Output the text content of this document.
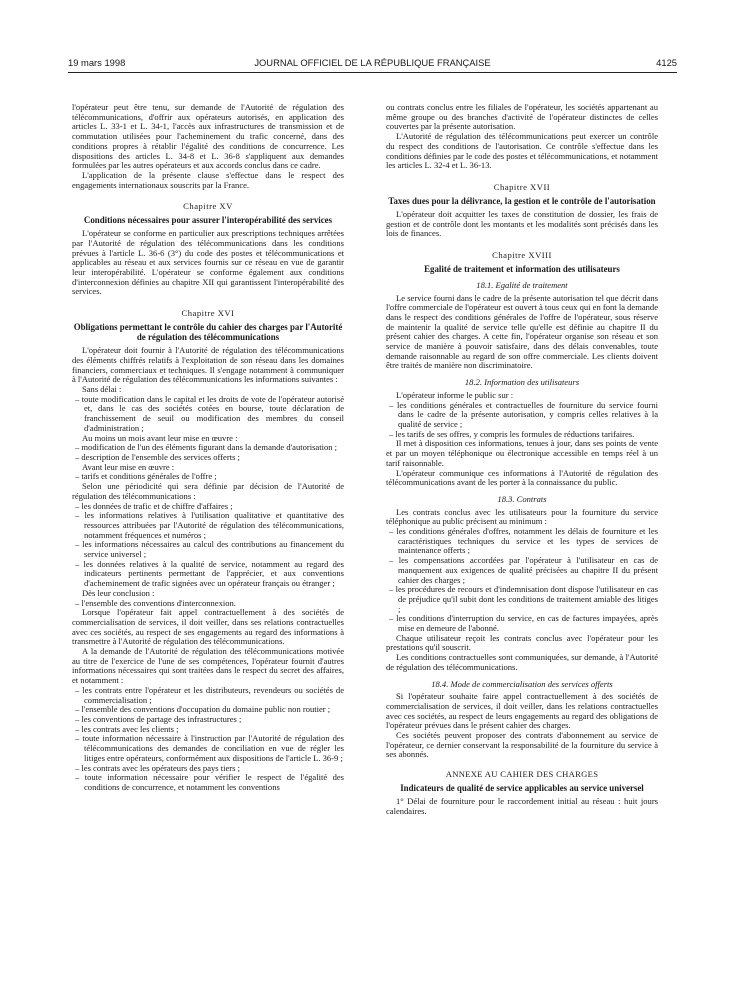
19 mars 1998	JOURNAL OFFICIEL DE LA RÉPUBLIQUE FRANÇAISE	4125

l'opérateur peut être tenu, sur demande de l'Autorité de régulation des télécommunications, d'offrir aux opérateurs autorisés, en application des articles L. 33-1 et L. 34-1, l'accès aux infrastructures de transmission et de commutation utilisées pour l'acheminement du trafic concerné, dans des conditions propres à rétablir l'égalité des conditions de concurrence. Les dispositions des articles L. 34-8 et L. 36-8 s'appliquent aux demandes formulées par les autres opérateurs et aux accords conclus dans ce cadre.

L'application de la présente clause s'effectue dans le respect des engagements internationaux souscrits par la France.

Chapitre XV
Conditions nécessaires pour assurer l'interopérabilité des services

L'opérateur se conforme en particulier aux prescriptions techniques arrêtées par l'Autorité de régulation des télécommunications dans les conditions prévues à l'article L. 36-6 (3°) du code des postes et télécommunications et applicables au réseau et aux services fournis sur ce réseau en vue de garantir leur interopérabilité. L'opérateur se conforme également aux conditions d'interconnexion définies au chapitre XII qui garantissent l'interopérabilité des services.

Chapitre XVI
Obligations permettant le contrôle du cahier des charges par l'Autorité de régulation des télécommunications

L'opérateur doit fournir à l'Autorité de régulation des télécommunications des éléments chiffrés relatifs à l'exploitation de son réseau dans les domaines financiers, commerciaux et techniques. Il s'engage notamment à communiquer à l'Autorité de régulation des télécommunications les informations suivantes :

Sans délai :

– toute modification dans le capital et les droits de vote de l'opérateur autorisé et, dans le cas des sociétés cotées en bourse, toute déclaration de franchissement de seuil ou modification des membres du conseil d'administration ;

Au moins un mois avant leur mise en œuvre :

– modification de l'un des éléments figurant dans la demande d'autorisation ;

– description de l'ensemble des services offerts ;

Avant leur mise en œuvre :

– tarifs et conditions générales de l'offre ;

Selon une périodicité qui sera définie par décision de l'Autorité de régulation des télécommunications :

– les données de trafic et de chiffre d'affaires ;

– les informations relatives à l'utilisation qualitative et quantitative des ressources attribuées par l'Autorité de régulation des télécommunications, notamment fréquences et numéros ;

– les informations nécessaires au calcul des contributions au financement du service universel ;

– les données relatives à la qualité de service, notamment au regard des indicateurs pertinents permettant de l'apprécier, et aux conventions d'acheminement de trafic signées avec un opérateur français ou étranger ;

Dès leur conclusion :

– l'ensemble des conventions d'interconnexion.

Lorsque l'opérateur fait appel contractuellement à des sociétés de commercialisation de services, il doit veiller, dans ses relations contractuelles avec ces sociétés, au respect de ses engagements au regard des informations à transmettre à l'Autorité de régulation des télécommunications.

A la demande de l'Autorité de régulation des télécommunications motivée au titre de l'exercice de l'une de ses compétences, l'opérateur fournit d'autres informations nécessaires qui sont traitées dans le respect du secret des affaires, et notamment :

– les contrats entre l'opérateur et les distributeurs, revendeurs ou sociétés de commercialisation ;

– l'ensemble des conventions d'occupation du domaine public non routier ;

– les conventions de partage des infrastructures ;

– les contrats avec les clients ;

– toute information nécessaire à l'instruction par l'Autorité de régulation des télécommunications des demandes de conciliation en vue de régler les litiges entre opérateurs, conformément aux dispositions de l'article L. 36-9 ;

– les contrats avec les opérateurs des pays tiers ;

– toute information nécessaire pour vérifier le respect de l'égalité des conditions de concurrence, et notamment les conventions

ou contrats conclus entre les filiales de l'opérateur, les sociétés appartenant au même groupe ou des branches d'activité de l'opérateur distinctes de celles couvertes par la présente autorisation.

L'Autorité de régulation des télécommunications peut exercer un contrôle du respect des conditions de l'autorisation. Ce contrôle s'effectue dans les conditions définies par le code des postes et télécommunications, et notamment les articles L. 32-4 et L. 36-13.

Chapitre XVII
Taxes dues pour la délivrance, la gestion et le contrôle de l'autorisation

L'opérateur doit acquitter les taxes de constitution de dossier, les frais de gestion et de contrôle dont les montants et les modalités sont précisés dans les lois de finances.

Chapitre XVIII
Egalité de traitement et information des utilisateurs
18.1. Egalité de traitement

Le service fourni dans le cadre de la présente autorisation tel que décrit dans l'offre commerciale de l'opérateur est ouvert à tous ceux qui en font la demande dans le respect des conditions générales de l'offre de l'opérateur, sous réserve de maintenir la qualité de service telle qu'elle est définie au chapitre II du présent cahier des charges. A cette fin, l'opérateur organise son réseau et son service de manière à pouvoir satisfaire, dans des délais convenables, toute demande raisonnable au regard de son offre commerciale. Les clients doivent être traités de manière non discriminatoire.

18.2. Information des utilisateurs

L'opérateur informe le public sur :

– les conditions générales et contractuelles de fourniture du service fourni dans le cadre de la présente autorisation, y compris celles relatives à la qualité de service ;

– les tarifs de ses offres, y compris les formules de réductions tarifaires.

Il met à disposition ces informations, tenues à jour, dans ses points de vente et par un moyen téléphonique ou électronique accessible en temps réel à un tarif raisonnable.

L'opérateur communique ces informations à l'Autorité de régulation des télécommunications avant de les porter à la connaissance du public.

18.3. Contrats

Les contrats conclus avec les utilisateurs pour la fourniture du service téléphonique au public précisent au minimum :

– les conditions générales d'offres, notamment les délais de fourniture et les caractéristiques techniques du service et les types de services de maintenance offerts ;

– les compensations accordées par l'opérateur à l'utilisateur en cas de manquement aux exigences de qualité précisées au chapitre II du présent cahier des charges ;

– les procédures de recours et d'indemnisation dont dispose l'utilisateur en cas de préjudice qu'il subit dont les conditions de traitement amiable des litiges ;

– les conditions d'interruption du service, en cas de factures impayées, après mise en demeure de l'abonné.

Chaque utilisateur reçoit les contrats conclus avec l'opérateur pour les prestations qu'il souscrit.

Les conditions contractuelles sont communiquées, sur demande, à l'Autorité de régulation des télécommunications.

18.4. Mode de commercialisation des services offerts

Si l'opérateur souhaite faire appel contractuellement à des sociétés de commercialisation de services, il doit veiller, dans les relations contractuelles avec ces sociétés, au respect de leurs engagements au regard des obligations de l'opérateur prévues dans le présent cahier des charges.

Ces sociétés peuvent proposer des contrats d'abonnement au service de l'opérateur, ce dernier conservant la responsabilité de la fourniture du service à ses abonnés.

ANNEXE AU CAHIER DES CHARGES
Indicateurs de qualité de service applicables au service universel

1° Délai de fourniture pour le raccordement initial au réseau : huit jours calendaires.
